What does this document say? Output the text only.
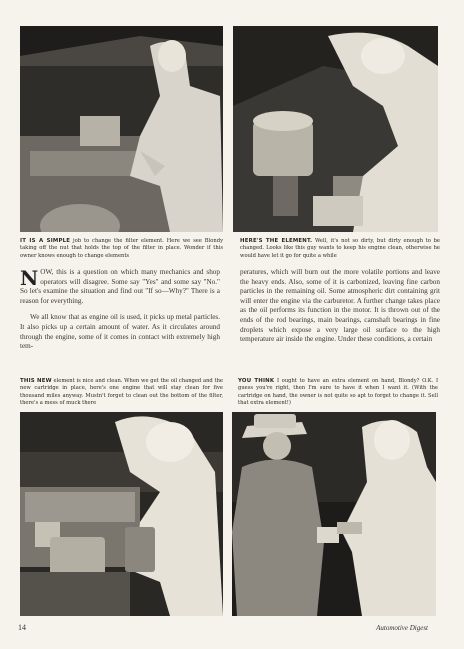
IT IS A SIMPLE job to change the filter element. Here we see Blondy taking off the nut that holds the top of the filter in place. Wonder if this owner knows enough to change elements
HERE'S THE ELEMENT. Well, it's not so dirty, but dirty enough to be changed. Looks like this guy wants to keep his engine clean, otherwise he would have let it go for quite a while

NOW, this is a question on which many mechanics and shop operators will disagree. Some say "Yes" and some say "No." So let's examine the situation and find out "If so—Why?" There is a reason for everything.

We all know that as engine oil is used, it picks up metal particles. It also picks up a certain amount of water. As it circulates around through the engine, some of it comes in contact with extremely high tem-

peratures, which will burn out the more volatile portions and leave the heavy ends. Also, some of it is carbonized, leaving fine carbon particles in the remaining oil. Some atmospheric dirt containing grit will enter the engine via the carburetor. A further change takes place as the oil performs its function in the motor. It is thrown out of the ends of the rod bearings, main bearings, camshaft bearings in fine droplets which expose a very large oil surface to the high temperature air inside the engine. Under these conditions, a certain

THIS NEW element is nice and clean. When we get the oil changed and the new cartridge in place, here's one engine that will stay clean for five thousand miles anyway. Mustn't forget to clean out the bottom of the filter, there's a mess of muck there
YOU THINK I ought to have an extra element on hand, Blondy? O.K. I guess you're right, then I'm sure to have it when I want it. (With the cartridge on hand, the owner is not quite so apt to forget to change it. Sell that extra element!)
14	Automotive Digest
